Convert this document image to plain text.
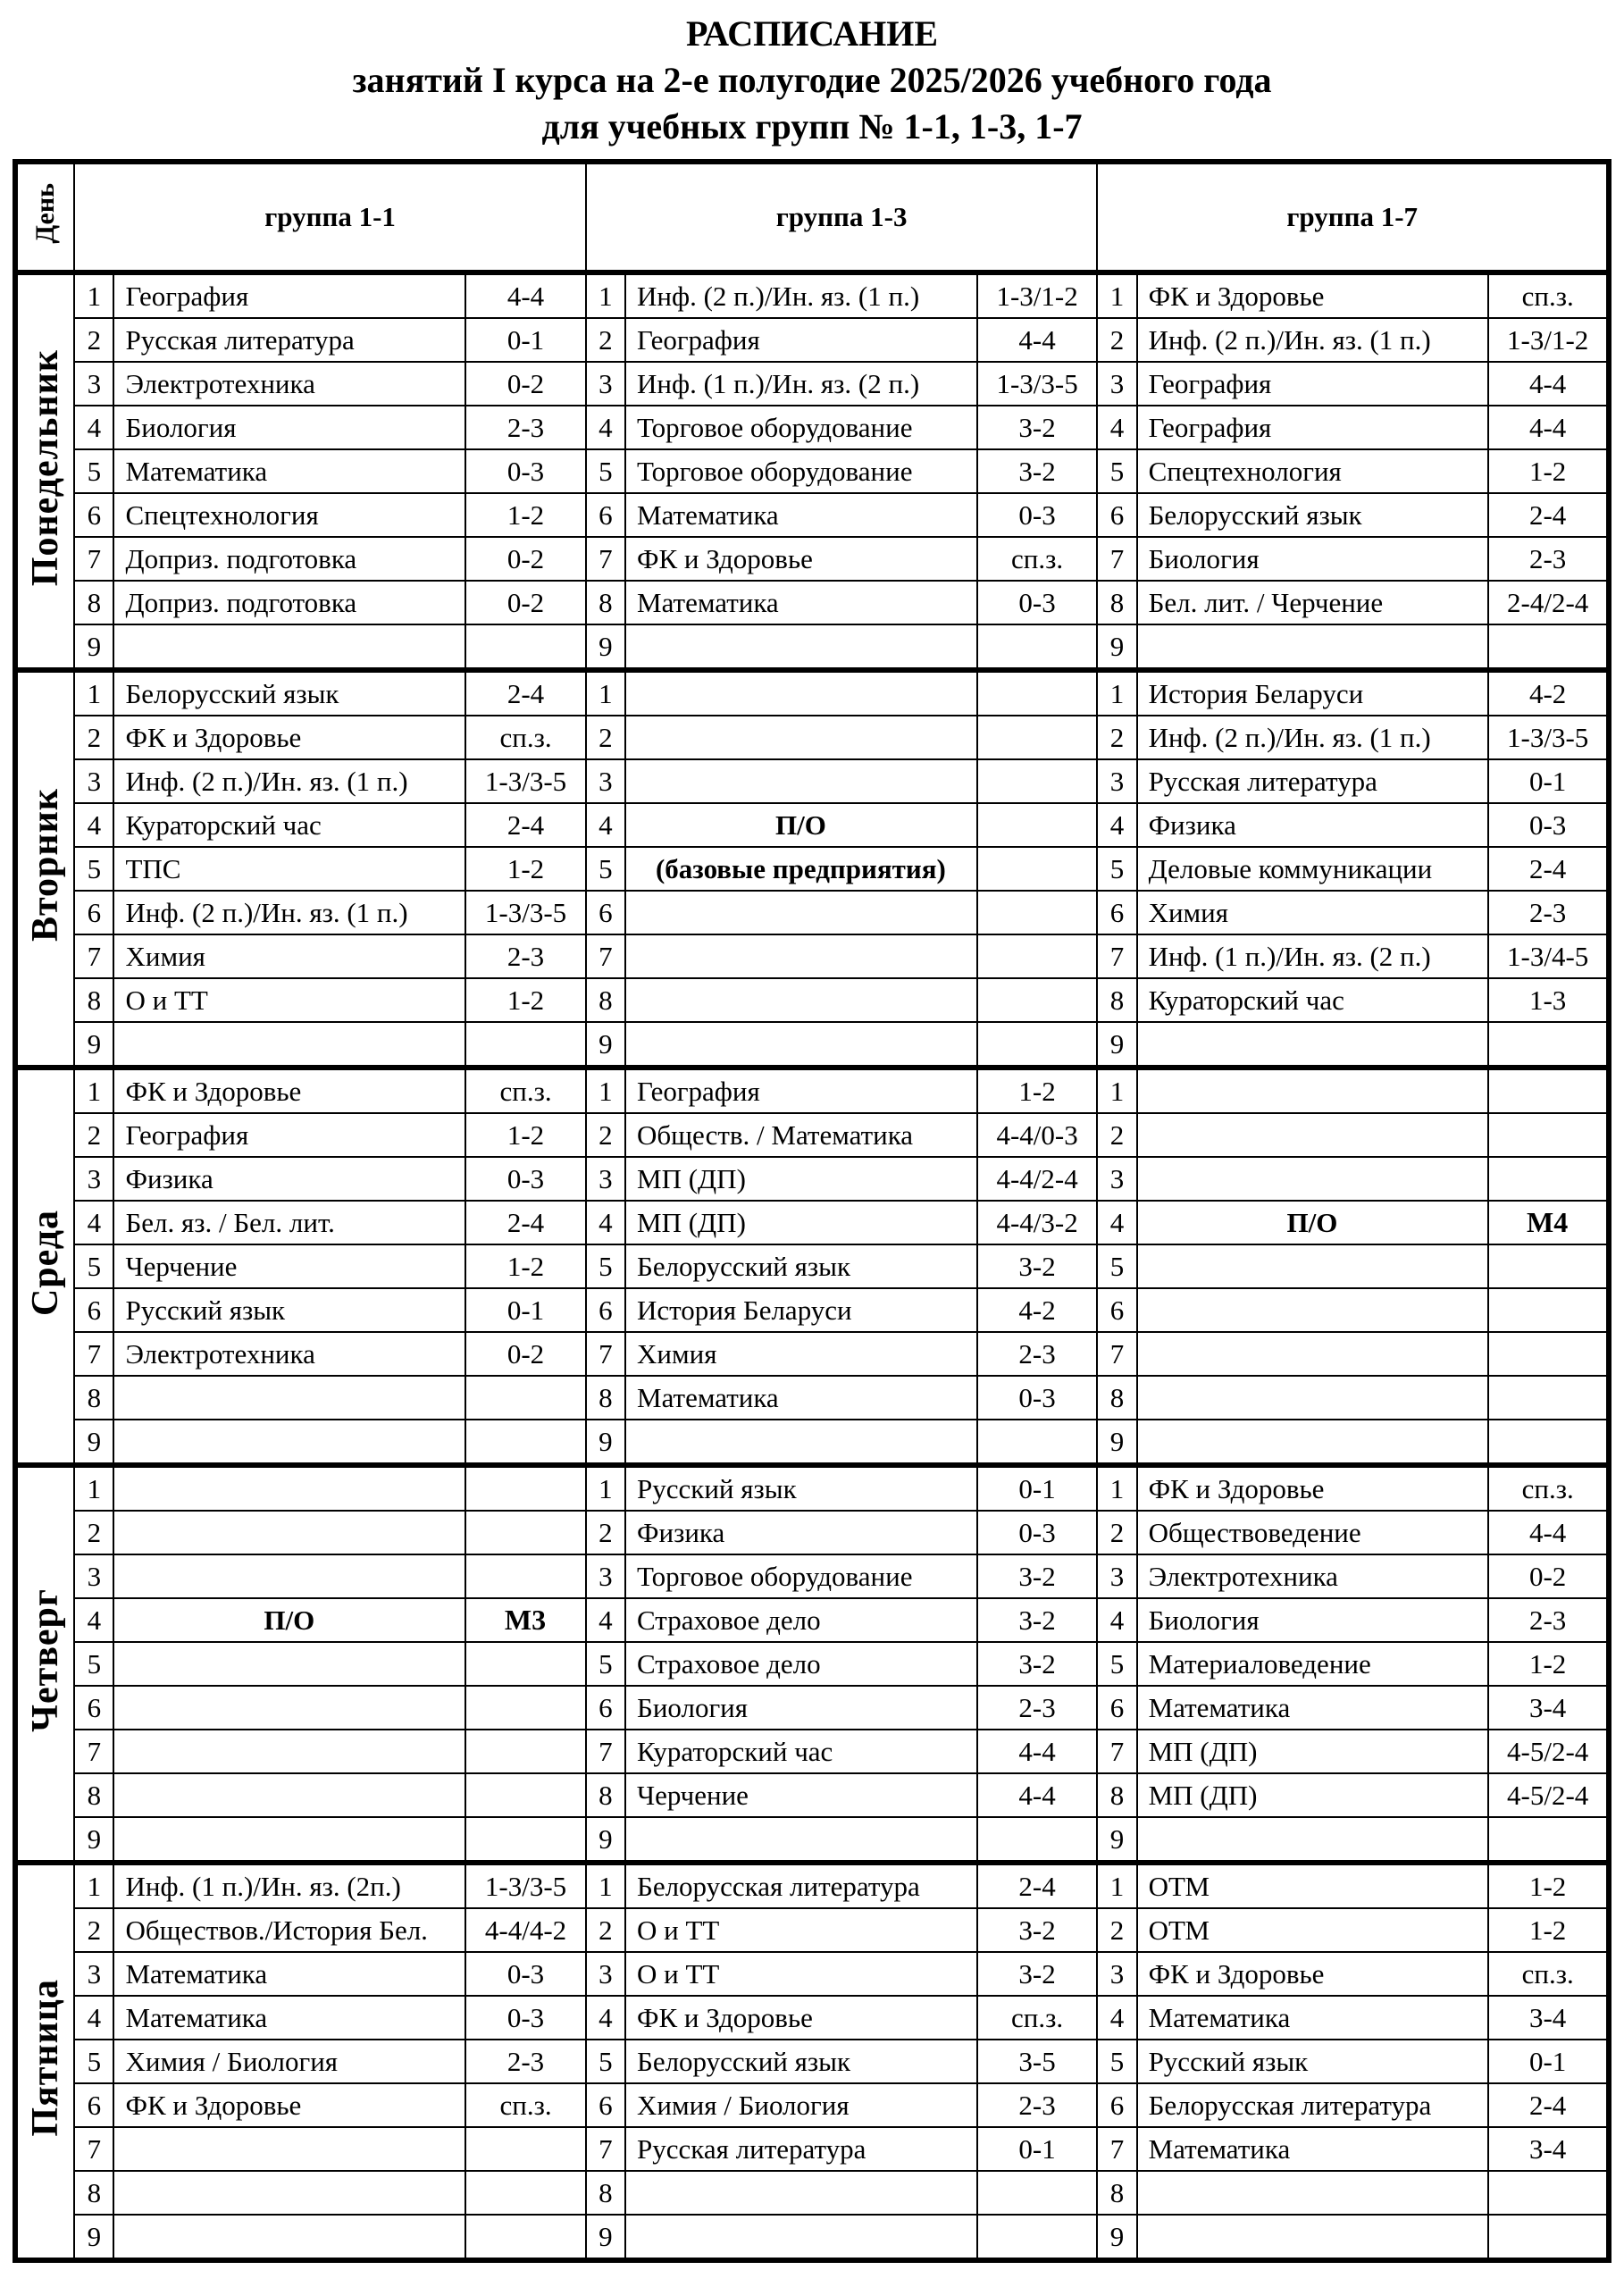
РАСПИСАНИЕ
занятий I курса на 2-е полугодие 2025/2026 учебного года
для учебных групп № 1-1, 1-3, 1-7
День	группа 1-1			группа 1-3			группа 1-7		
Понедельник	1	География	4-4	1	Инф. (2 п.)/Ин. яз. (1 п.)	1-3/1-2	1	ФК и Здоровье	сп.з.
	2	Русская литература	0-1	2	География	4-4	2	Инф. (2 п.)/Ин. яз. (1 п.)	1-3/1-2
	3	Электротехника	0-2	3	Инф. (1 п.)/Ин. яз. (2 п.)	1-3/3-5	3	География	4-4
	4	Биология	2-3	4	Торговое оборудование	3-2	4	География	4-4
	5	Математика	0-3	5	Торговое оборудование	3-2	5	Спецтехнология	1-2
	6	Спецтехнология	1-2	6	Математика	0-3	6	Белорусский язык	2-4
	7	Доприз. подготовка	0-2	7	ФК и Здоровье	сп.з.	7	Биология	2-3
	8	Доприз. подготовка	0-2	8	Математика	0-3	8	Бел. лит. / Черчение	2-4/2-4
	9			9			9		
Вторник	1	Белорусский язык	2-4	1			1	История Беларуси	4-2
	2	ФК и Здоровье	сп.з.	2			2	Инф. (2 п.)/Ин. яз. (1 п.)	1-3/3-5
	3	Инф. (2 п.)/Ин. яз. (1 п.)	1-3/3-5	3			3	Русская литература	0-1
	4	Кураторский час	2-4	4	П/О		4	Физика	0-3
	5	ТПС	1-2	5	(базовые предприятия)		5	Деловые коммуникации	2-4
	6	Инф. (2 п.)/Ин. яз. (1 п.)	1-3/3-5	6			6	Химия	2-3
	7	Химия	2-3	7			7	Инф. (1 п.)/Ин. яз. (2 п.)	1-3/4-5
	8	О и ТТ	1-2	8			8	Кураторский час	1-3
	9			9			9		
Среда	1	ФК и Здоровье	сп.з.	1	География	1-2	1		
	2	География	1-2	2	Обществ. / Математика	4-4/0-3	2		
	3	Физика	0-3	3	МП (ДП)	4-4/2-4	3		
	4	Бел. яз. / Бел. лит.	2-4	4	МП (ДП)	4-4/3-2	4	П/О	М4
	5	Черчение	1-2	5	Белорусский язык	3-2	5		
	6	Русский язык	0-1	6	История Беларуси	4-2	6		
	7	Электротехника	0-2	7	Химия	2-3	7		
	8			8	Математика	0-3	8		
	9			9			9		
Четверг	1			1	Русский язык	0-1	1	ФК и Здоровье	сп.з.
	2			2	Физика	0-3	2	Обществоведение	4-4
	3			3	Торговое оборудование	3-2	3	Электротехника	0-2
	4	П/О	М3	4	Страховое дело	3-2	4	Биология	2-3
	5			5	Страховое дело	3-2	5	Материаловедение	1-2
	6			6	Биология	2-3	6	Математика	3-4
	7			7	Кураторский час	4-4	7	МП (ДП)	4-5/2-4
	8			8	Черчение	4-4	8	МП (ДП)	4-5/2-4
	9			9			9		
Пятница	1	Инф. (1 п.)/Ин. яз. (2п.)	1-3/3-5	1	Белорусская литература	2-4	1	ОТМ	1-2
	2	Обществов./История Бел.	4-4/4-2	2	О и ТТ	3-2	2	ОТМ	1-2
	3	Математика	0-3	3	О и ТТ	3-2	3	ФК и Здоровье	сп.з.
	4	Математика	0-3	4	ФК и Здоровье	сп.з.	4	Математика	3-4
	5	Химия / Биология	2-3	5	Белорусский язык	3-5	5	Русский язык	0-1
	6	ФК и Здоровье	сп.з.	6	Химия / Биология	2-3	6	Белорусская литература	2-4
	7			7	Русская литература	0-1	7	Математика	3-4
	8			8			8		
	9			9			9		
